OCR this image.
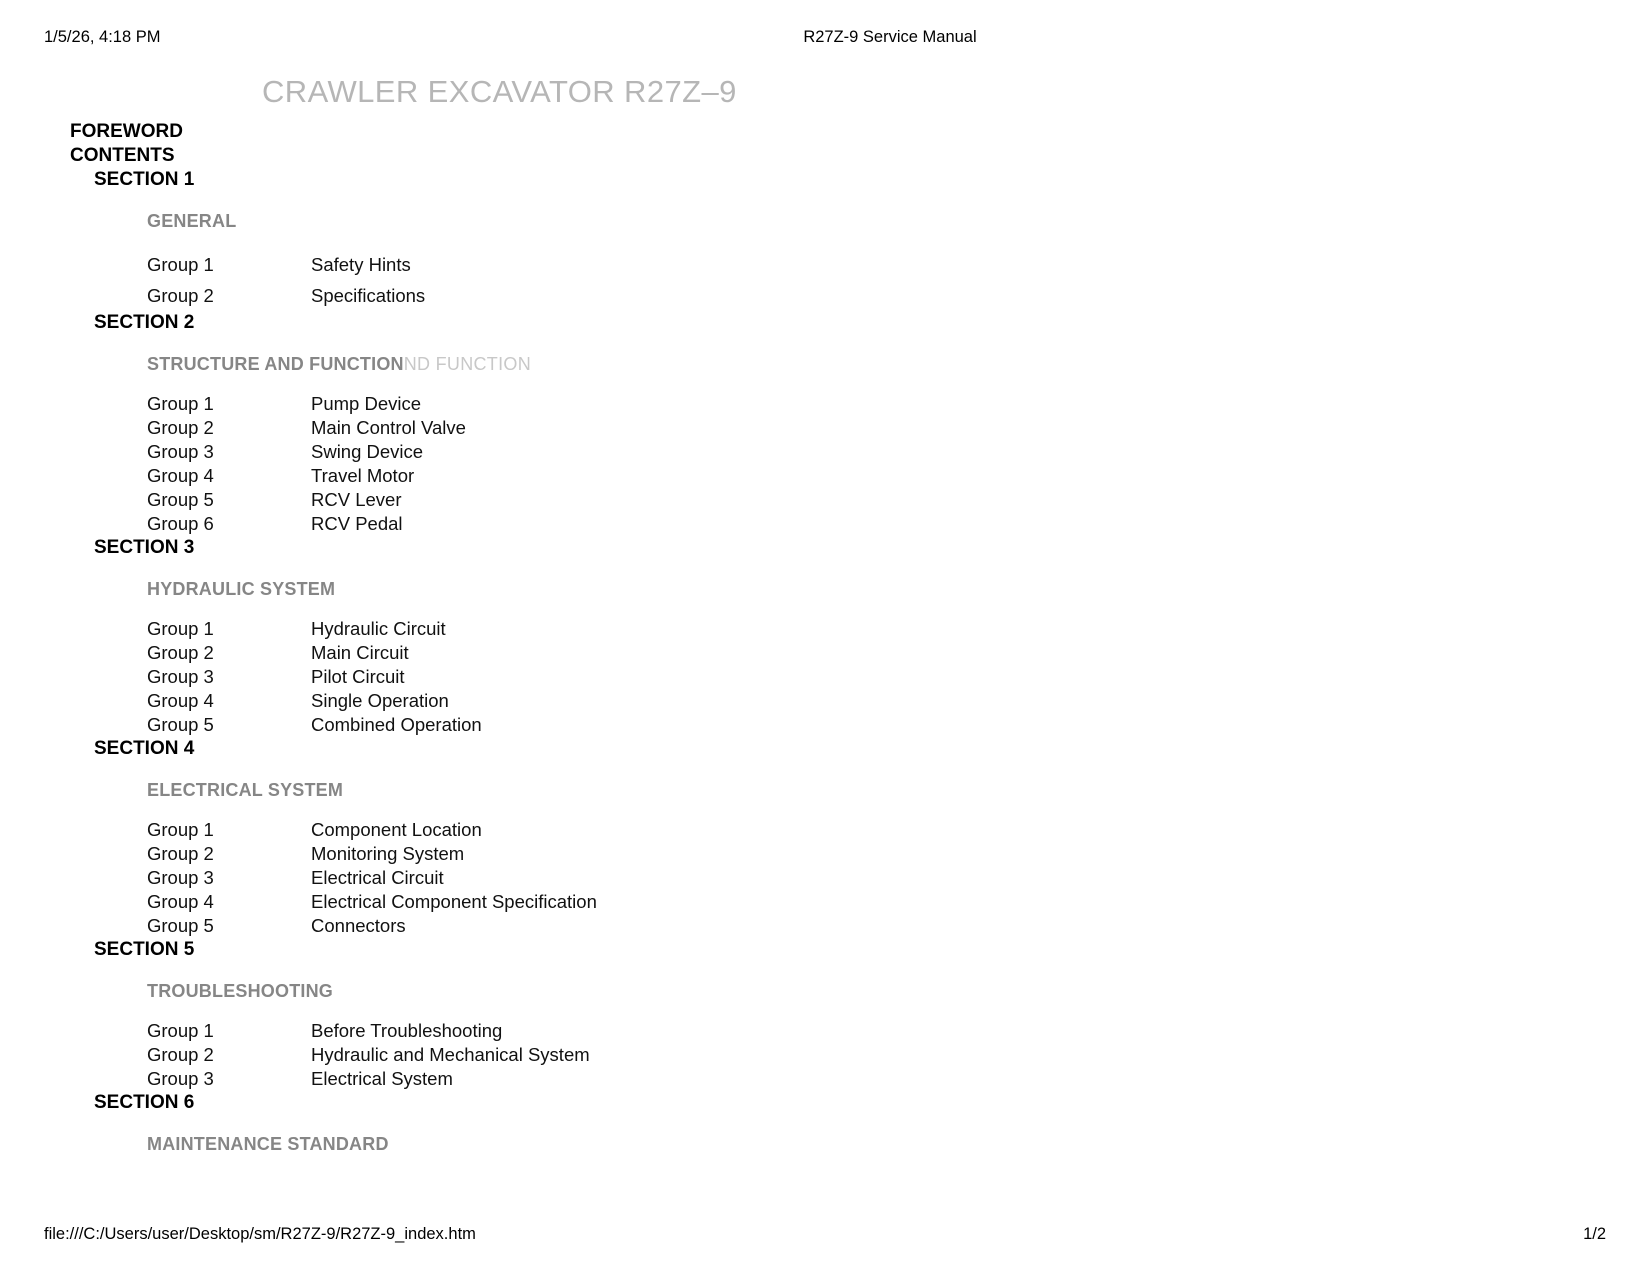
1/5/26, 4:18 PM	R27Z-9 Service Manual
CRAWLER EXCAVATOR R27Z–9
FOREWORD
CONTENTS
SECTION 1
GENERAL
Group 1	Safety Hints
Group 2	Specifications
SECTION 2
STRUCTURE AND FUNCTIONND FUNCTION
Group 1	Pump Device
Group 2	Main Control Valve
Group 3	Swing Device
Group 4	Travel Motor
Group 5	RCV Lever
Group 6	RCV Pedal
SECTION 3
HYDRAULIC SYSTEM
Group 1	Hydraulic Circuit
Group 2	Main Circuit
Group 3	Pilot Circuit
Group 4	Single Operation
Group 5	Combined Operation
SECTION 4
ELECTRICAL SYSTEM
Group 1	Component Location
Group 2	Monitoring System
Group 3	Electrical Circuit
Group 4	Electrical Component Specification
Group 5	Connectors
SECTION 5
TROUBLESHOOTING
Group 1	Before Troubleshooting
Group 2	Hydraulic and Mechanical System
Group 3	Electrical System
SECTION 6
MAINTENANCE STANDARD
file:///C:/Users/user/Desktop/sm/R27Z-9/R27Z-9_index.htm	1/2
